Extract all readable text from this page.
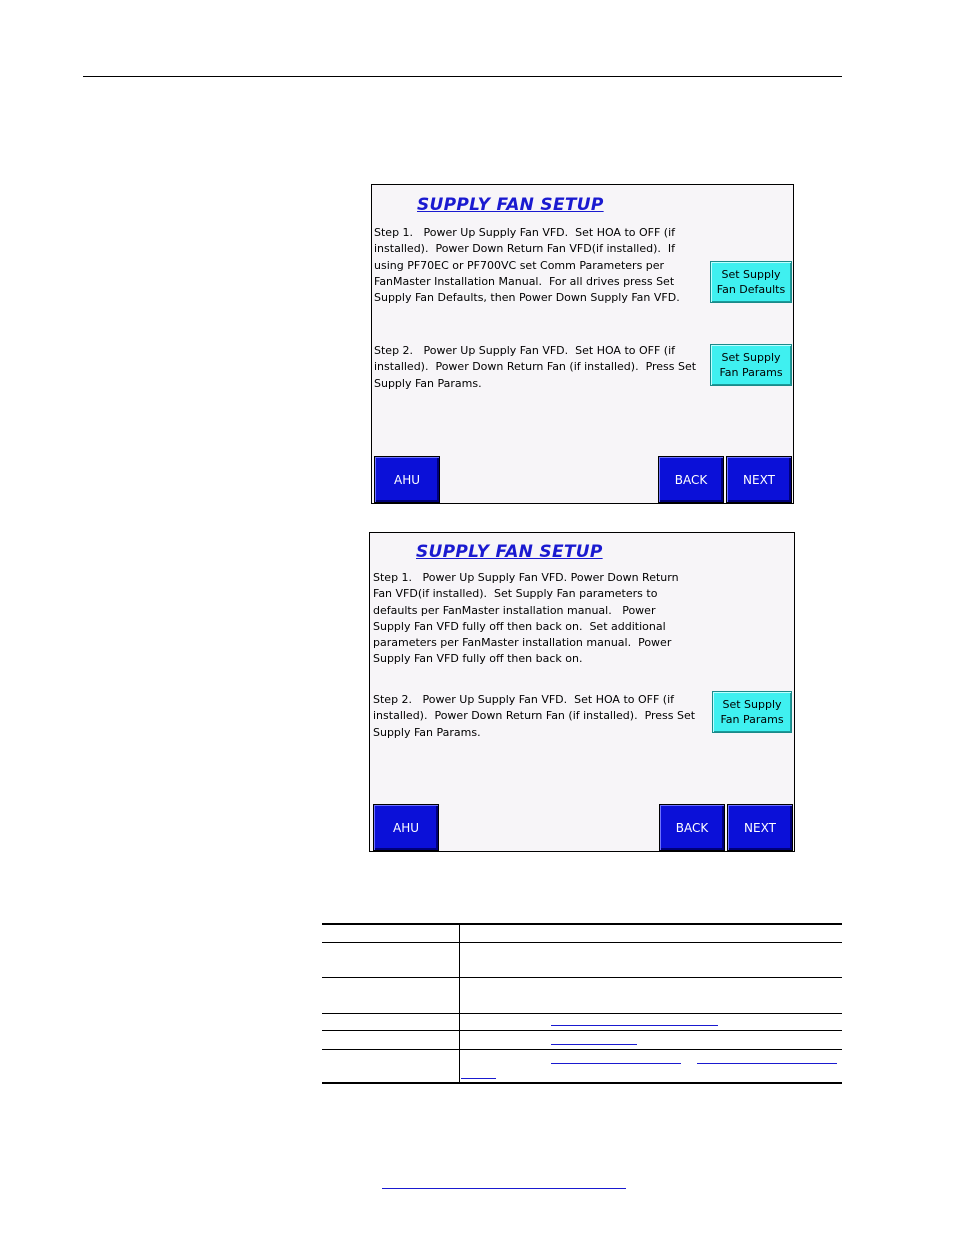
SUPPLY FAN SETUP
Step 1.   Power Up Supply Fan VFD.  Set HOA to OFF (if
installed).  Power Down Return Fan VFD(if installed).  If
using PF70EC or PF700VC set Comm Parameters per
FanMaster Installation Manual.  For all drives press Set
Supply Fan Defaults, then Power Down Supply Fan VFD.
Set Supply
Fan Defaults
Step 2.   Power Up Supply Fan VFD.  Set HOA to OFF (if
installed).  Power Down Return Fan (if installed).  Press Set
Supply Fan Params.
Set Supply
Fan Params
AHU	BACK	NEXT
SUPPLY FAN SETUP
Step 1.   Power Up Supply Fan VFD. Power Down Return
Fan VFD(if installed).  Set Supply Fan parameters to
defaults per FanMaster installation manual.   Power
Supply Fan VFD fully off then back on.  Set additional
parameters per FanMaster installation manual.  Power
Supply Fan VFD fully off then back on.
Step 2.   Power Up Supply Fan VFD.  Set HOA to OFF (if
installed).  Power Down Return Fan (if installed).  Press Set
Supply Fan Params.
Set Supply
Fan Params
AHU	BACK	NEXT
